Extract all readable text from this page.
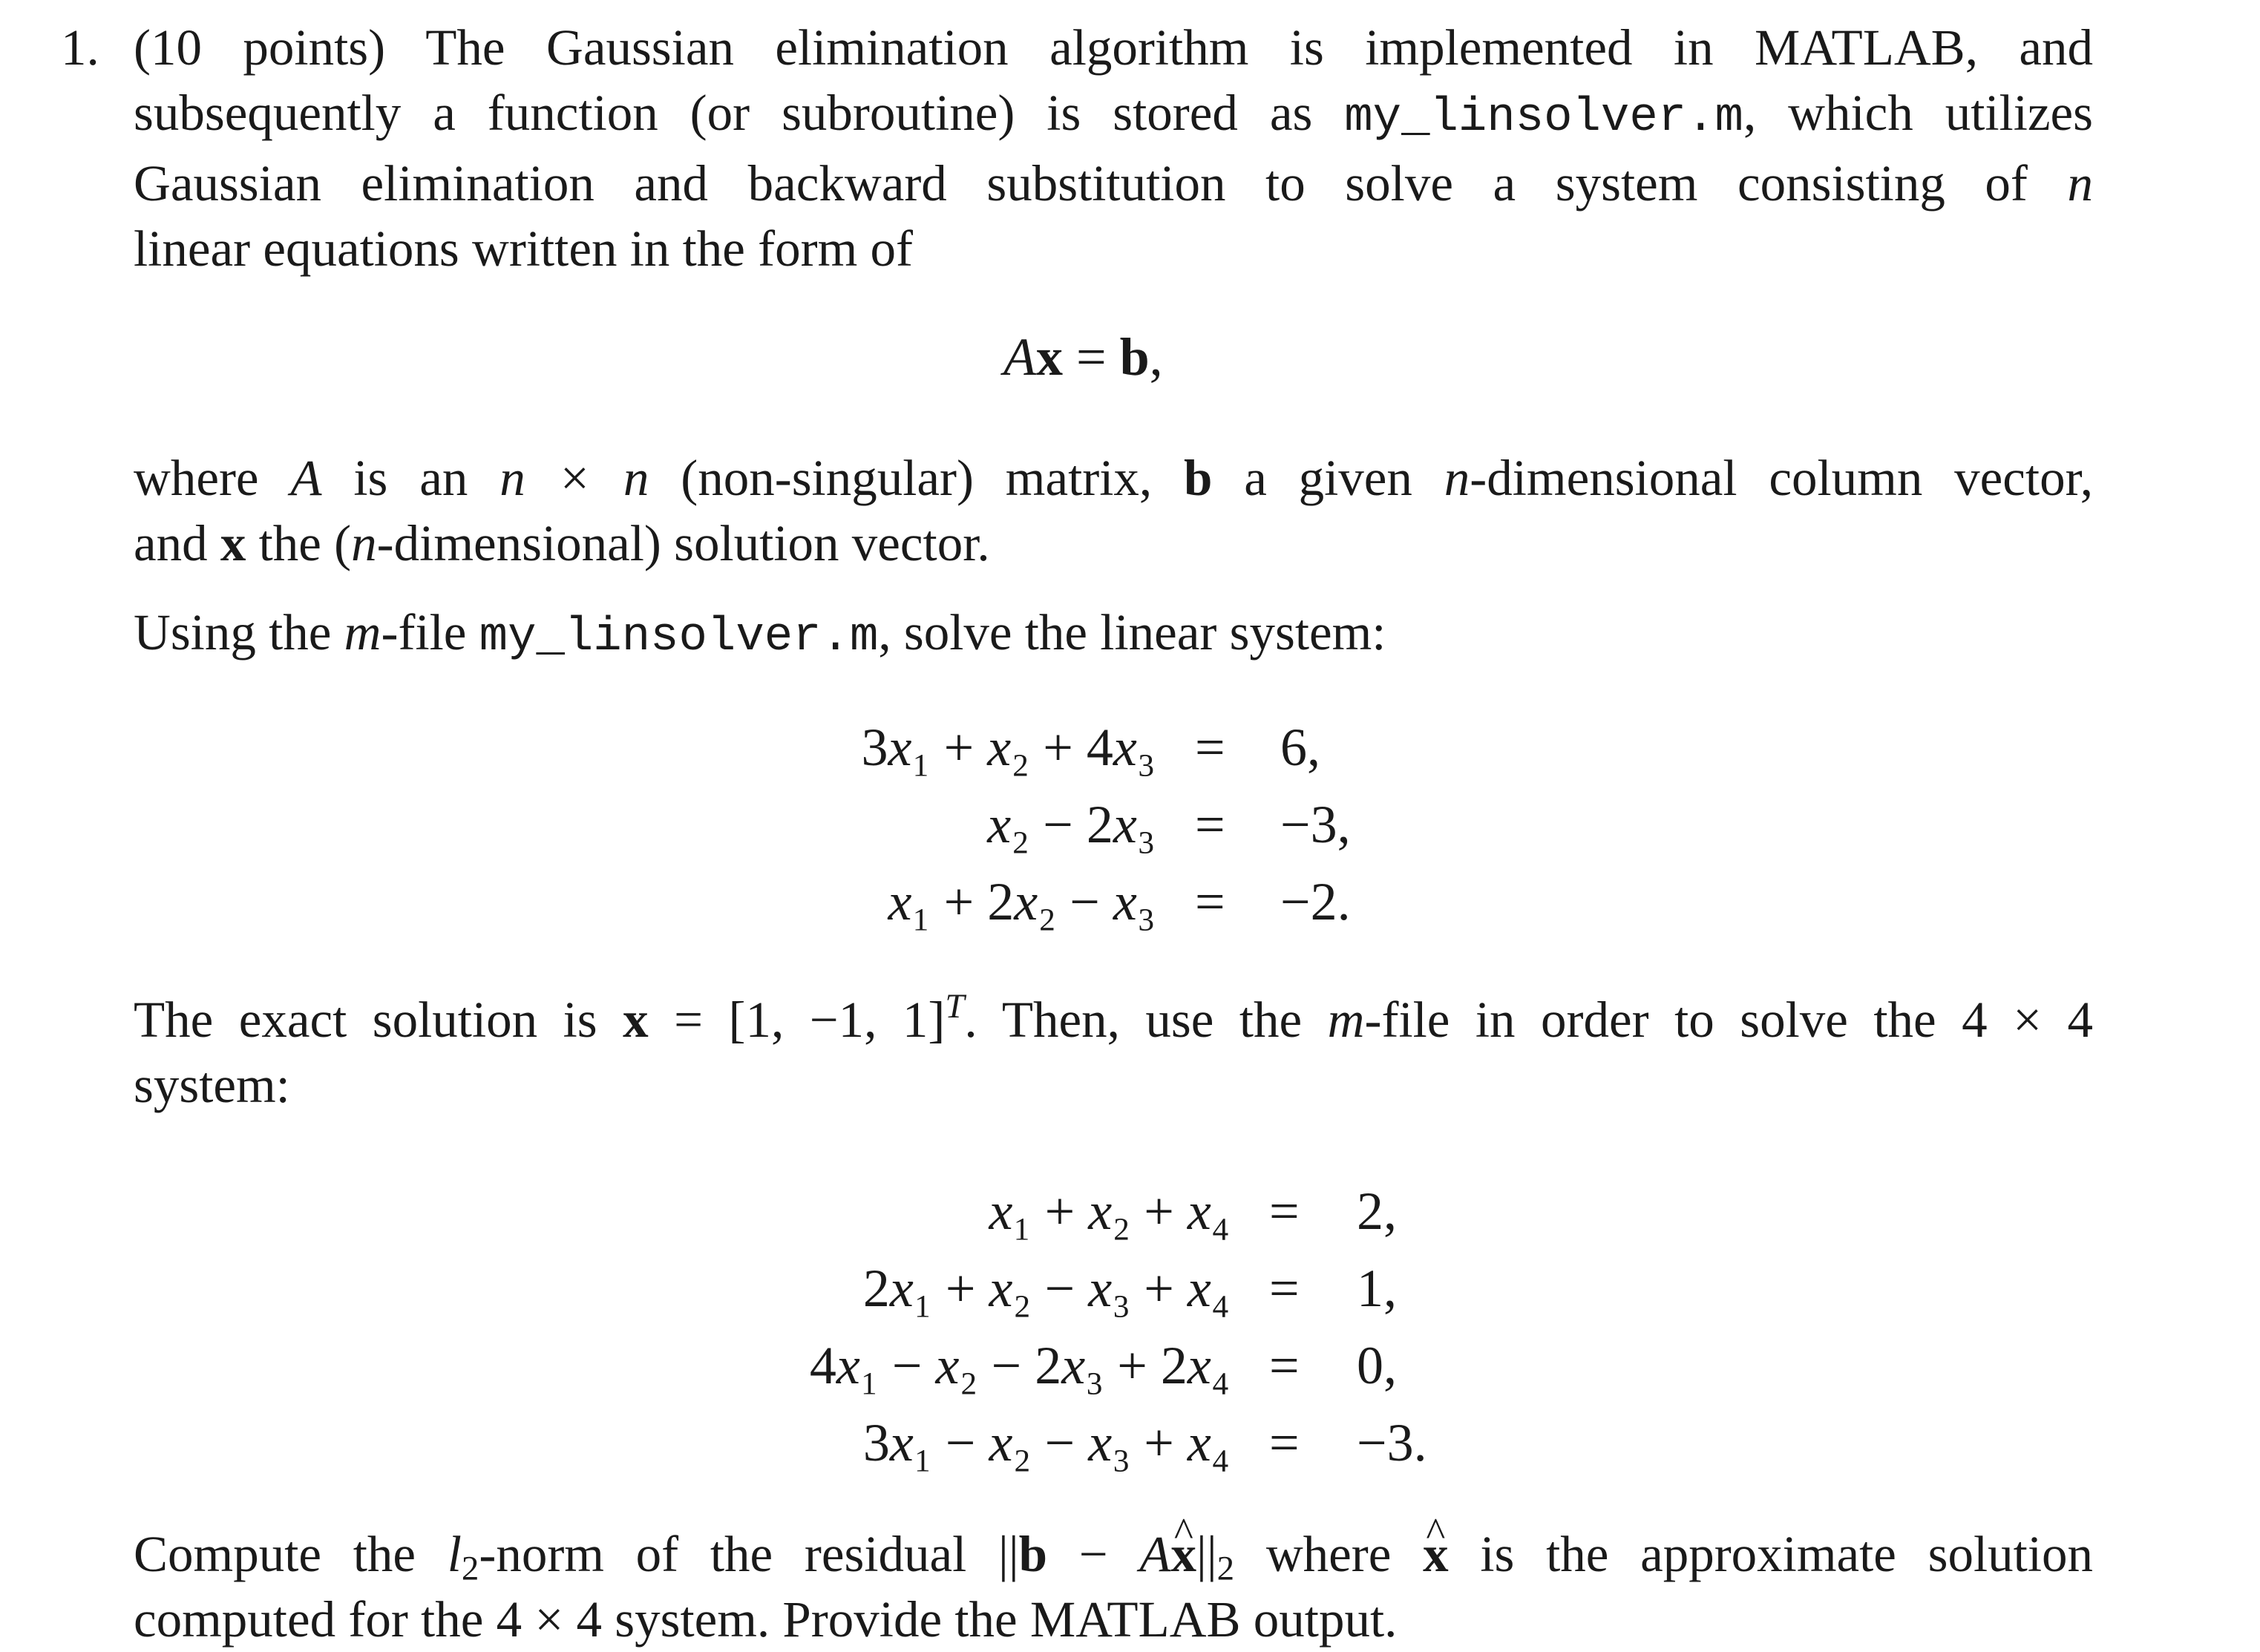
1. (10 points) The Gaussian elimination algorithm is implemented in MATLAB, and
subsequently a function (or subroutine) is stored as my_linsolver.m, which utilizes
Gaussian elimination and backward substitution to solve a system consisting of n
linear equations written in the form of
Ax = b,
where A is an n × n (non-singular) matrix, b a given n-dimensional column vector,
and x the (n-dimensional) solution vector.
Using the m-file my_linsolver.m, solve the linear system:
3x₁ + x₂ + 4x₃ = 6,
x₂ − 2x₃ = −3,
x₁ + 2x₂ − x₃ = −2.
The exact solution is x = [1, −1, 1]$^T$. Then, use the m-file in order to solve the 4 × 4
system:
x₁ + x₂ + x₄ = 2,
2x₁ + x₂ − x₃ + x₄ = 1,
4x₁ − x₂ − 2x₃ + 2x₄ = 0,
3x₁ − x₂ − x₃ + x₄ = −3.
Compute the $l_2$-norm of the residual ||b − Ax $\^{}||_2$ where x ^ is the approximate solution
computed for the 4 × 4 system. Provide the MATLAB output.
